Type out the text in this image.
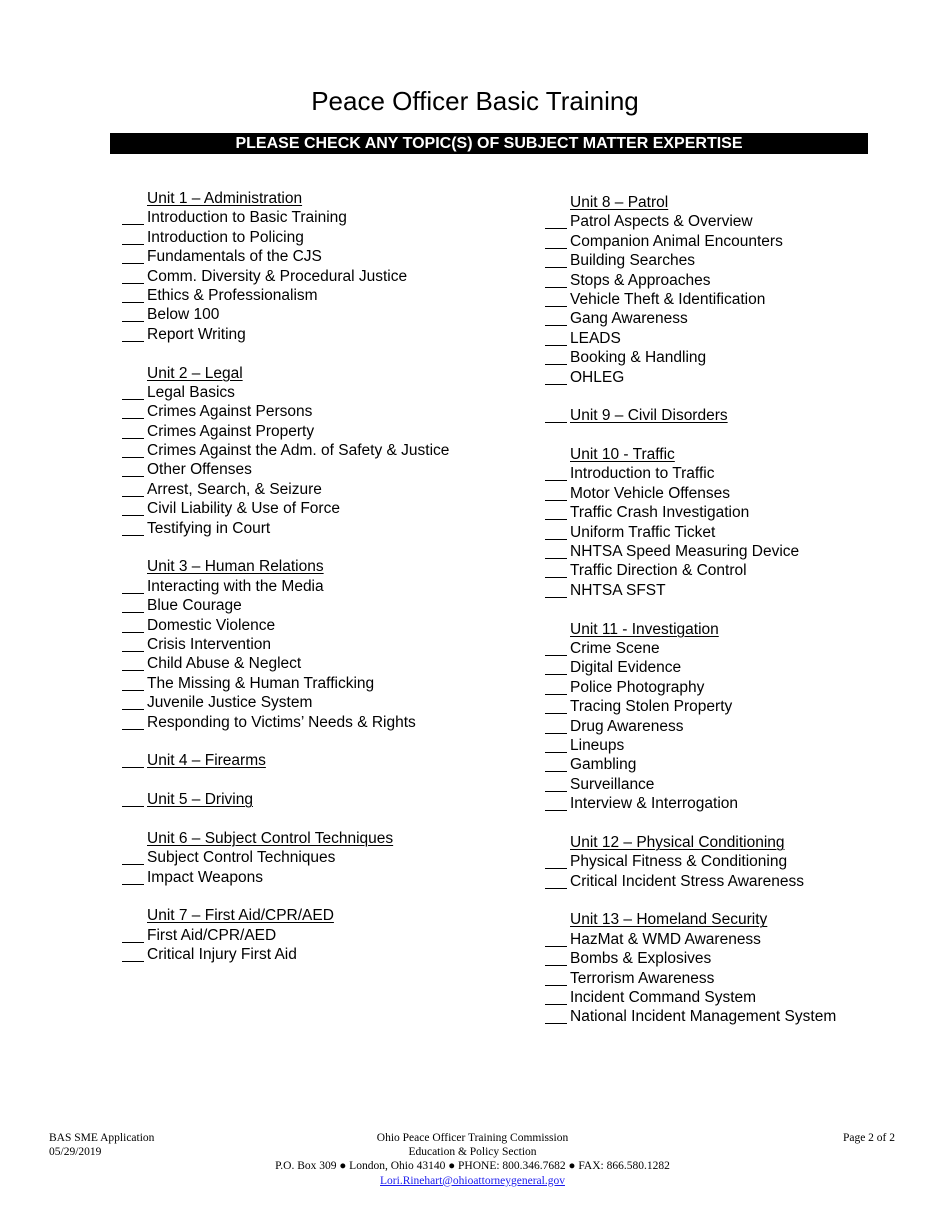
Peace Officer Basic Training
PLEASE CHECK ANY TOPIC(S) OF SUBJECT MATTER EXPERTISE
Unit 1 – Administration
Introduction to Basic Training
Introduction to Policing
Fundamentals of the CJS
Comm. Diversity & Procedural Justice
Ethics & Professionalism
Below 100
Report Writing
Unit 2 – Legal
Legal Basics
Crimes Against Persons
Crimes Against Property
Crimes Against the Adm. of Safety & Justice
Other Offenses
Arrest, Search, & Seizure
Civil Liability & Use of Force
Testifying in Court
Unit 3 – Human Relations
Interacting with the Media
Blue Courage
Domestic Violence
Crisis Intervention
Child Abuse & Neglect
The Missing & Human Trafficking
Juvenile Justice System
Responding to Victims’ Needs & Rights
Unit 4 – Firearms
Unit 5 – Driving
Unit 6 – Subject Control Techniques
Subject Control Techniques
Impact Weapons
Unit 7 – First Aid/CPR/AED
First Aid/CPR/AED
Critical Injury First Aid
Unit 8 – Patrol
Patrol Aspects & Overview
Companion Animal Encounters
Building Searches
Stops & Approaches
Vehicle Theft & Identification
Gang Awareness
LEADS
Booking & Handling
OHLEG
Unit 9 – Civil Disorders
Unit 10 - Traffic
Introduction to Traffic
Motor Vehicle Offenses
Traffic Crash Investigation
Uniform Traffic Ticket
NHTSA Speed Measuring Device
Traffic Direction & Control
NHTSA SFST
Unit 11 - Investigation
Crime Scene
Digital Evidence
Police Photography
Tracing Stolen Property
Drug Awareness
Lineups
Gambling
Surveillance
Interview & Interrogation
Unit 12 – Physical Conditioning
Physical Fitness & Conditioning
Critical Incident Stress Awareness
Unit 13 – Homeland Security
HazMat & WMD Awareness
Bombs & Explosives
Terrorism Awareness
Incident Command System
National Incident Management System
BAS SME Application
05/29/2019
Ohio Peace Officer Training Commission
Education & Policy Section
P.O. Box 309 ● London, Ohio 43140 ● PHONE: 800.346.7682 ● FAX: 866.580.1282
Lori.Rinehart@ohioattorneygeneral.gov
Page 2 of 2
